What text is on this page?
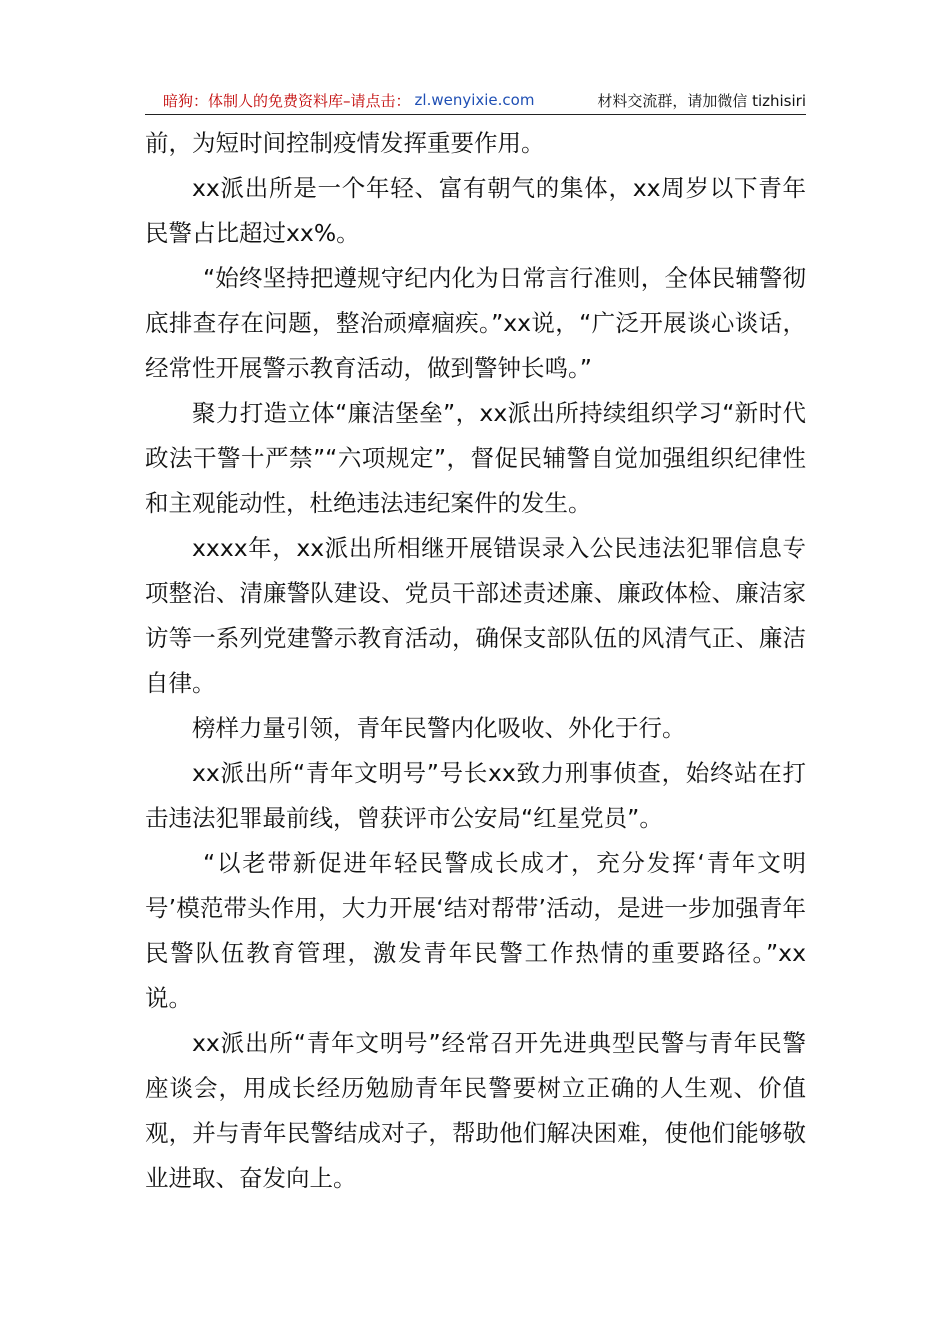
暗狗：体制人的免费资料库 –请点击： zl.wenyixie.com	材料交流群，请加微信 tizhisiri

前，为短时间控制疫情发挥重要作用。

xx派出所是一个年轻、富有朝气的集体，xx周岁以下青年民警占比超过xx%。

“始终坚持把遵规守纪内化为日常言行准则，全体民辅警彻底排查存在问题，整治顽瘴痼疾。”xx说，“广泛开展谈心谈话，经常性开展警示教育活动，做到警钟长鸣。”

聚力打造立体“廉洁堡垒”，xx派出所持续组织学习“新时代政法干警十严禁”“六项规定”，督促民辅警自觉加强组织纪律性和主观能动性，杜绝违法违纪案件的发生。

xxxx年，xx派出所相继开展错误录入公民违法犯罪信息专项整治、清廉警队建设、党员干部述责述廉、廉政体检、廉洁家访等一系列党建警示教育活动，确保支部队伍的风清气正、廉洁自律。

榜样力量引领，青年民警内化吸收、外化于行。

xx派出所“青年文明号”号长xx致力刑事侦查，始终站在打击违法犯罪最前线，曾获评市公安局“红星党员”。

“以老带新促进年轻民警成长成才，充分发挥‘青年文明号’模范带头作用，大力开展‘结对帮带’活动，是进一步加强青年民警队伍教育管理，激发青年民警工作热情的重要路径。”xx说。

xx派出所“青年文明号”经常召开先进典型民警与青年民警座谈会，用成长经历勉励青年民警要树立正确的人生观、价值观，并与青年民警结成对子，帮助他们解决困难，使他们能够敬业进取、奋发向上。
